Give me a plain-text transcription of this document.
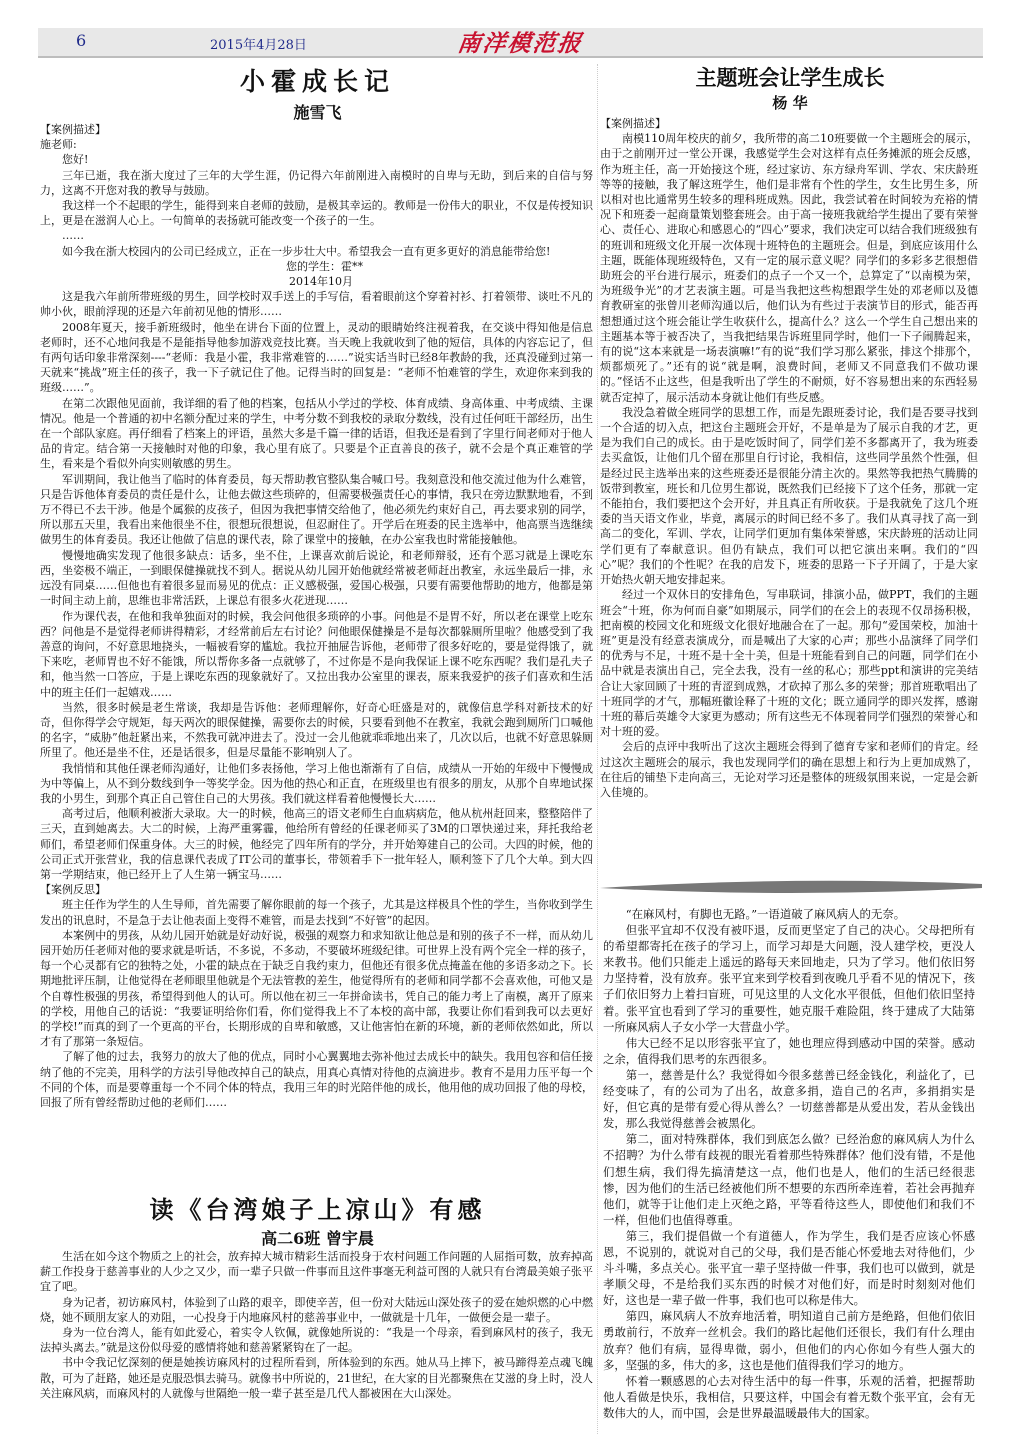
6	2015年4月28日	南洋模范报
小霍成长记
施雪飞

【案例描述】

施老师:

您好!

三年已逝，我在浙大度过了三年的大学生涯，仍记得六年前刚进入南模时的自卑与无助，到后来的自信与努力，这离不开您对我的教导与鼓励。

我这样一个不起眼的学生，能得到来自老师的鼓励，是极其幸运的。教师是一份伟大的职业，不仅是传授知识上，更是在滋润人心上。一句简单的表扬就可能改变一个孩子的一生。

……

如今我在浙大校园内的公司已经成立，正在一步步壮大中。希望我会一直有更多更好的消息能带给您!

您的学生：霍**

2014年10月

这是我六年前所带班级的男生，回学校时双手送上的手写信，看着眼前这个穿着衬衫、打着领带、谈吐不凡的帅小伙，眼前浮现的还是六年前初见他的情形……

2008年夏天，接手新班级时，他坐在讲台下面的位置上，灵动的眼睛始终注视着我，在交谈中得知他是信息老师时，还不心地问我是不是能指导他参加游戏竞技比赛。当天晚上我就收到了他的短信，具体的内容忘记了，但有两句话印象非常深刻----“老师：我是小霍，我非常难管的……”说实话当时已经8年教龄的我，还真没碰到过第一天就来“挑战”班主任的孩子，我一下子就记住了他。记得当时的回复是：“老师不怕难管的学生，欢迎你来到我的班级……”。

在第二次跟他见面前，我详细的看了他的档案，包括从小学过的学校、体育成绩、身高体重、中考成绩、主课情况。他是一个普通的初中名额分配过来的学生，中考分数不到我校的录取分数线，没有过任何旺干部经历，出生在一个部队家庭。再仔细看了档案上的评语，虽然大多是千篇一律的话语，但我还是看到了字里行间老师对于他人品的肯定。结合第一天接触时对他的印象，我心里有底了。只要是个正直善良的孩子，就不会是个真正难管的学生，看来是个看似外向实则敏感的男生。

军训期间，我让他当了临时的体育委员，每天帮助教官整队集合喊口号。我刻意没和他交流过他为什么难管，只是告诉他体育委员的责任是什么，让他去做这些琐碎的，但需要极强责任心的事情，我只在旁边默默地看，不到万不得已不去干涉。他是个属猴的皮孩子，但因为我把事情交给他了，他必须先约束好自己，再去要求别的同学，所以那五天里，我看出来他很坐不住，很想玩很想说，但忍耐住了。开学后在班委的民主选举中，他高票当选继续做男生的体育委员。我还让他做了信息的课代表，除了课堂中的接触，在办公室我也时常能接触他。

慢慢地确实发现了他很多缺点：话多，坐不住，上课喜欢前后说论，和老师辩驳，还有个恶习就是上课吃东西，坐姿极不端正，一到眼保健操就找不到人。据说从幼儿园开始他就经常被老师赶出教室，永远坐最后一排，永远没有同桌……但他也有着很多显而易见的优点：正义感极强，爱国心极强，只要有需要他帮助的地方，他都是第一时间主动上前，思维也非常活跃，上课总有很多火花迸现……

作为课代表，在他和我单独面对的时候，我会问他很多琐碎的小事。问他是不是胃不好，所以老在课堂上吃东西？问他是不是觉得老师讲得精彩，才经常前后左右讨论？问他眼保健操是不是每次都躲厕所里啦？他感受到了我善意的询问，不好意思地挠头，一幅被看穿的尴尬。我拉开抽屉告诉他，老师带了很多好吃的，要是觉得饿了，就下来吃，老师胃也不好不能饿，所以帮你多备一点就够了，不过你是不是向我保证上课不吃东西呢？我们是孔夫子和，他当然一口答应，于是上课吃东西的现象就好了。又拉出我办公室里的课表，原来我爱护的孩子们喜欢和生活中的班主任们一起嬉戏……

当然，很多时候是老生常谈，我却是告诉他：老师理解你，好奇心旺盛是对的，就像信息学科对新技术的好奇，但你得学会守规矩，每天两次的眼保健操，需要你去的时候，只要看到他不在教室，我就会跑到厕所门口喊他的名字，“威胁”他赶紧出来，不然我可就冲进去了。没过一会儿他就乖乖地出来了，几次以后，也就不好意思躲厕所里了。他还是坐不住，还是话很多，但是尽量能不影响别人了。

我悄悄和其他任课老师沟通好，让他们多表扬他，学习上他也渐渐有了自信，成绩从一开始的年级中下慢慢成为中等偏上，从不到分数线到争一等奖学金。因为他的热心和正直，在班级里也有很多的朋友，从那个自卑地试探我的小男生，到那个真正自己管住自己的大男孩。我们就这样看着他慢慢长大……

高考过后，他顺利被浙大录取。大一的时候，他高三的语文老师生白血病病危，他从杭州赶回来，整整陪伴了三天，直到她离去。大二的时候，上海严重雾霾，他给所有曾经的任课老师买了3M的口罩快递过来，拜托我给老师们，希望老师们保重身体。大三的时候，他经完了四年所有的学分，并开始筹建自己的公司。大四的时候，他的公司正式开张营业，我的信息课代表成了IT公司的董事长，带领着手下一批年轻人，顺利签下了几个大单。到大四第一学期结束，他已经开上了人生第一辆宝马……

【案例反思】

班主任作为学生的人生导师，首先需要了解你眼前的每一个孩子，尤其是这样极具个性的学生，当你收到学生发出的讯息时，不是急于去让他表面上变得不难管，而是去找到“不好管”的起因。

本案例中的男孩，从幼儿园开始就是好动好说，极强的观察力和求知欲让他总是和别的孩子不一样，而从幼儿园开始历任老师对他的要求就是听话，不多说，不多动，不要破坏班级纪律。可世界上没有两个完全一样的孩子，每一个心灵都有它的独特之处，小霍的缺点在于缺乏自我约束力，但他还有很多优点掩盖在他的多语多动之下。长期地批评压制，让他觉得在老师眼里他就是个无法管教的差生，他觉得所有的老师和同学都不会喜欢他，可他又是个自尊性极强的男孩，希望得到他人的认可。所以他在初三一年拼命读书，凭自己的能力考上了南模，离开了原来的学校，用他自己的话说：“我要证明给你们看，你们觉得我上不了本校的高中部，我要让你们看到我可以去更好的学校!”而真的到了一个更高的平台，长期形成的自卑和敏感，又让他害怕在新的环境，新的老师依然如此，所以才有了那第一条短信。

了解了他的过去，我努力的放大了他的优点，同时小心翼翼地去弥补他过去成长中的缺失。我用包容和信任接纳了他的不完美，用科学的方法引导他改掉自己的缺点，用真心真情对待他的点滴进步。教育不是用力压平每一个不同的个体，而是要尊重每一个不同个体的特点，我用三年的时光陪伴他的成长，他用他的成功回报了他的母校，回报了所有曾经帮助过他的老师们……

读《台湾娘子上凉山》有感
高二6班 曾宇晨

生活在如今这个物质之上的社会，放弃掉大城市精彩生活而投身于农村问题工作问题的人屈指可数，放弃掉高薪工作投身于慈善事业的人少之又少，而一辈子只做一件事而且这件事毫无利益可图的人就只有台湾最美娘子张平宜了吧。

身为记者，初访麻风村，体验到了山路的艰辛，即使辛苦，但一份对大陆远山深处孩子的爱在她炽燃的心中燃烧，她不顾朋友家人的劝阻，一心投身于内地麻风村的慈善事业中，一做就是十几年，一做便会是一辈子。

身为一位台湾人，能有如此爱心，着实令人钦佩，就像她所说的：“我是一个母亲，看到麻风村的孩子，我无法掉头离去。”就是这份似母爱的感情将她和慈善紧紧钩在了一起。

书中令我记忆深刻的便是她挨访麻风村的过程所看到，所体验到的东西。她从马上摔下，被马蹄得差点魂飞魄散，可为了赶路，她还是克服恐惧去骑马。就像书中所说的，21世纪，在大家的目光都聚焦在艾滋的身上时，没人关注麻风病，而麻风村的人就像与世隔绝一般一辈子甚至是几代人都被困在大山深处。

主题班会让学生成长
杨 华

【案例描述】

南模110周年校庆的前夕，我所带的高二10班要做一个主题班会的展示，由于之前刚开过一堂公开课，我感觉学生会对这样有点任务摊派的班会反感，作为班主任，高一开始接这个班，经过家访、东方绿舟军训、学农、宋庆龄班等等的接触，我了解这班学生，他们是非常有个性的学生，女生比男生多，所以相对也比通常男生较多的理科班成熟。因此，我尝试着在时间较为充裕的情况下和班委一起商量策划整套班会。由于高一接班我就给学生提出了要有荣誉心、责任心、进取心和感恩心的“四心”要求，我们决定可以结合我们班级独有的班训和班级文化开展一次体现十班特色的主题班会。但是，到底应该用什么主题，既能体现班级特色，又有一定的展示意义呢？同学们的多彩多艺很想借助班会的平台进行展示，班委们的点子一个又一个，总算定了“以南模为荣，为班级争光”的才艺表演主题。可是当我把这些构想跟学生处的邓老师以及德育教研室的张曾川老师沟通以后，他们认为有些过于表演节目的形式，能否再想想通过这个班会能让学生收获什么，提高什么？这么一个学生自己想出来的主题基本等于被否决了，当我把结果告诉班里同学时，他们一下子闹腾起来，有的说“这本来就是一场表演嘛!”有的说“我们学习那么紧张，排这个排那个，烦都烦死了。”还有的说“就是啊，浪费时间，老师又不同意我们不做功课的。”怪话不止这些，但是我听出了学生的不耐烦，好不容易想出来的东西轻易就否定掉了，展示活动本身就让他们有些反感。

我没急着做全班同学的思想工作，而是先跟班委讨论，我们是否要寻找到一个合适的切入点，把这台主题班会开好，不是单是为了展示自我的才艺，更是为我们自己的成长。由于是吃饭时间了，同学们差不多都离开了，我为班委去买盒饭，让他们几个留在那里自行讨论，我相信，这些同学虽然个性强，但是经过民主选举出来的这些班委还是很能分清主次的。果然等我把热气腾腾的饭带到教室，班长和几位男生都说，既然我们已经接下了这个任务，那就一定不能拍台，我们要把这个会开好，并且真正有所收获。于是我就免了这几个班委的当天语文作业，毕竟，离展示的时间已经不多了。我们从真寻找了高一到高二的变化，军训、学农，让同学们更加有集体荣誉感，宋庆龄班的活动让同学们更有了奉献意识。但仍有缺点，我们可以把它演出来啊。我们的“四心”呢？我们的个性呢？在我的启发下，班委的思路一下子开阔了，于是大家开始热火朝天地安排起来。

经过一个双休日的安排角色，写串联词，排演小品，做PPT，我们的主题班会“十班，你为何而自豪”如期展示，同学们的在会上的表现不仅昂扬积极，把南模的校园文化和班级文化很好地融合在了一起。那句“爱国荣校，加油十班”更是没有经意表演成分，而是喊出了大家的心声；那些小品演绎了同学们的优秀与不足，十班不是十全十美，但是十班能看到自己的问题，同学们在小品中就是表演出自己，完全去我，没有一丝的私心；那些ppt和演讲的完美结合让大家回顾了十班的青涩到成熟，才砍掉了那么多的荣誉；那首班歌唱出了十班同学的才气，那幅班徽诠释了十班的文化；既立通同学的即兴发挥，感谢十班的幕后英雄令大家更为感动；所有这些无不体现着同学们强烈的荣誉心和对十班的爱。

会后的点评中我听出了这次主题班会得到了德育专家和老师们的肯定。经过这次主题班会的展示，我也发现同学们的确在思想上和行为上更加成熟了，在往后的铺垫下走向高三，无论对学习还是整体的班级氛围来说，一定是会新入佳境的。

“在麻风村，有脚也无路。”一语道破了麻风病人的无奈。

但张平宜却不仅没有被吓退，反而更坚定了自己的决心。父母把所有的希望都寄托在孩子的学习上，而学习却是大问题，没人建学校，更没人来教书。他们只能走上遥远的路每天来回地走，只为了学习。他们依旧努力坚持着，没有放弃。张平宜来到学校看到夜晚几乎看不见的情况下，孩子们依旧努力上着扫盲班，可见这里的人文化水平很低，但他们依旧坚持着。张平宜也看到了学习的重要性，她克服千难险阻，终于建成了大陆第一所麻风病人子女小学一大营盘小学。

伟大已经不足以形容张平宜了，她也理应得到感动中国的荣誉。感动之余，值得我们思考的东西很多。

第一，慈善是什么？我觉得如今很多慈善已经金钱化，利益化了，已经变味了，有的公司为了出名，故意多捐，造自己的名声，多捐捐实是好，但它真的是带有爱心得从善么？一切慈善都是从爱出发，若从金钱出发，那么我觉得慈善会被黑化。

第二，面对特殊群体，我们到底怎么做？已经治愈的麻风病人为什么不招聘？为什么带有歧视的眼光看着那些特殊群体？他们没有错，不是他们想生病，我们得先搞清楚这一点，他们也是人，他们的生活已经很悲惨，因为他们的生活已经被他们所不想要的东西所牵连着，若社会再抛弃他们，就等于让他们走上灭绝之路，平等看待这些人，即使他们和我们不一样，但他们也值得尊重。

第三，我们提倡做一个有道德人，作为学生，我们是否应该心怀感恩，不说别的，就说对自己的父母，我们是否能心怀爱地去对待他们，少斗斗嘴，多点关心。张平宜一辈子坚持做一件事，我们也可以做到，就是孝顺父母，不是给我们买东西的时候才对他们好，而是时时刻刻对他们好，这也是一辈子做一件事，我们也可以称是伟大。

第四，麻风病人不放弃地活着，明知道自己前方是绝路，但他们依旧勇敢前行，不放弃一丝机会。我们的路比起他们还很长，我们有什么理由放弃？他们有病，显得卑微，弱小，但他们的内心你如今有些人强大的多，坚强的多，伟大的多，这也是他们值得我们学习的地方。

怀着一颗感恩的心去对待生活中的每一件事，乐观的活着，把握帮助他人看做是快乐，我相信，只要这样，中国会有着无数个张平宜，会有无数伟大的人，而中国，会是世界最温暖最伟大的国家。
